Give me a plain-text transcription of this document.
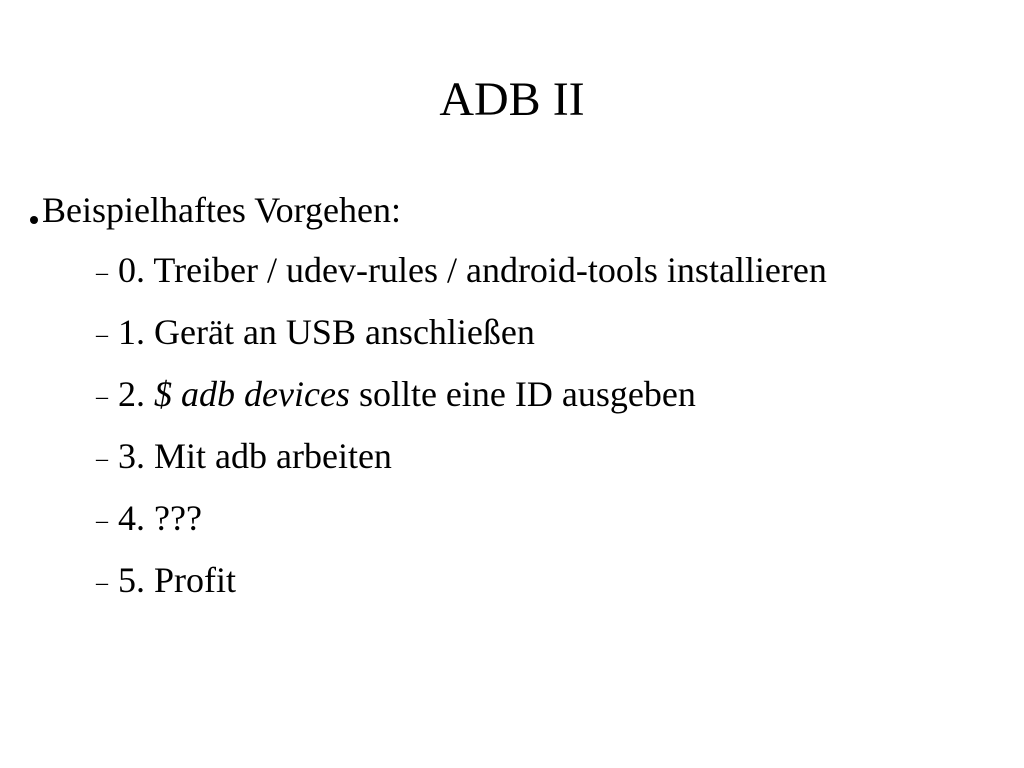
ADB II
Beispielhaftes Vorgehen:
– 0. Treiber / udev-rules / android-tools installieren
– 1. Gerät an USB anschließen
– 2. $ adb devices sollte eine ID ausgeben
– 3. Mit adb arbeiten
– 4. ???
– 5. Profit
